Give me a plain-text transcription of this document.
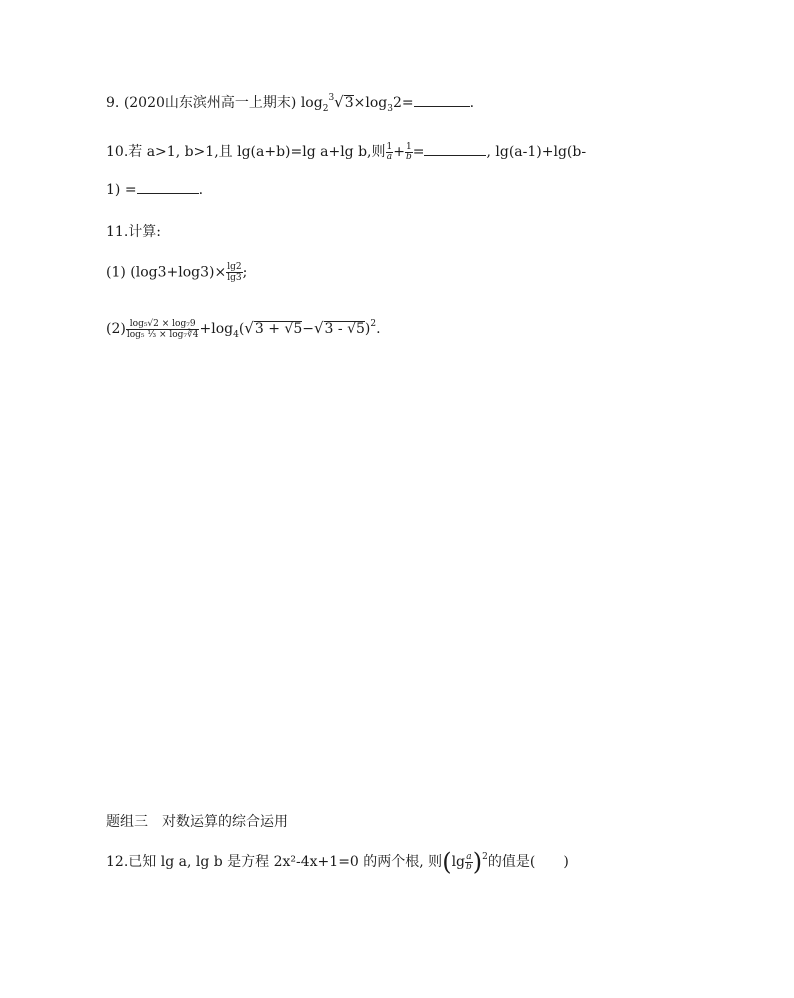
9. (2020山东滨州高一上期末) $\log_2^3√3\times\log_32=$	.
10.若 a>1, b>1,且 lg(a+b)=lg a+lg b,则 $\frac{1}{a} + \frac{1}{b}$ =	, lg(a-1)+lg(b-
1) =	.
11.计算:
(1) $(\log 3+\log 3)\times \frac{\lg 2}{\lg 3}$ ;
$(2) \frac{\text{log₅√2 × log₇9}}{\text{log₅ ⅓ × log₇∛4}} +\log_4(√3 + √5-√3 - √5)^2$.
题组三　对数运算的综合运用
12.已知 lg a, lg b 是方程 2x²-4x+1=0 的两个根, 则$(\lg \frac{a}{b} )^2$的值是(　　)
